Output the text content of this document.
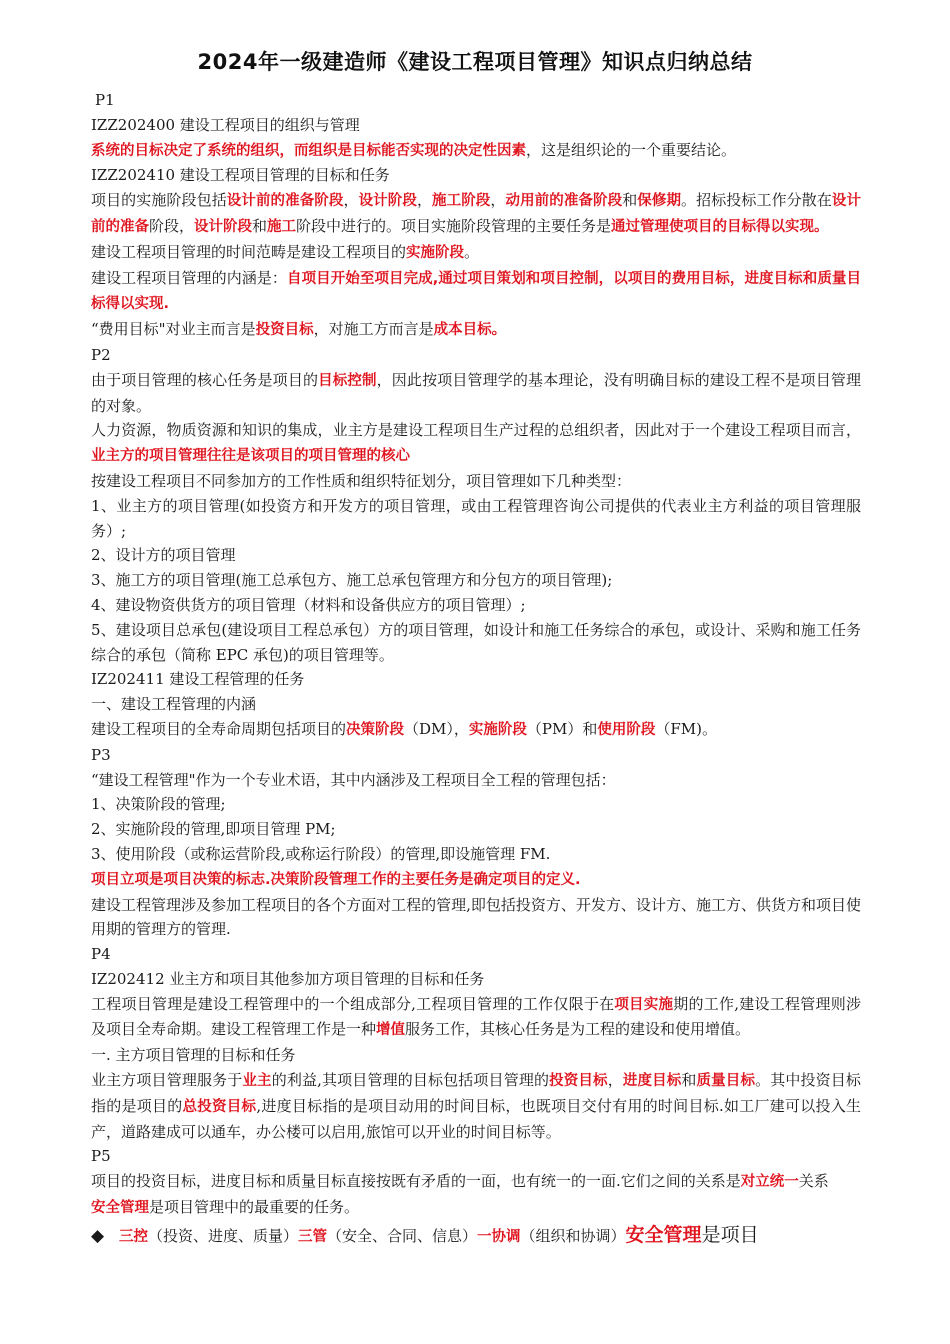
2024年一级建造师《建设工程项目管理》知识点归纳总结

P1

IZZ202400 建设工程项目的组织与管理

系统的目标决定了系统的组织，而组织是目标能否实现的决定性因素，这是组织论的一个重要结论。

IZZ202410 建设工程项目管理的目标和任务

项目的实施阶段包括设计前的准备阶段，设计阶段，施工阶段，动用前的准备阶段和保修期。招标投标工作分散在设计前的准备阶段，设计阶段和施工阶段中进行的。项目实施阶段管理的主要任务是通过管理使项目的目标得以实现。

建设工程项目管理的时间范畴是建设工程项目的实施阶段。

建设工程项目管理的内涵是：自项目开始至项目完成,通过项目策划和项目控制，以项目的费用目标，进度目标和质量目标得以实现.

“费用目标"对业主而言是投资目标，对施工方而言是成本目标。

P2

由于项目管理的核心任务是项目的目标控制，因此按项目管理学的基本理论，没有明确目标的建设工程不是项目管理的对象。

人力资源，物质资源和知识的集成，业主方是建设工程项目生产过程的总组织者，因此对于一个建设工程项目而言，业主方的项目管理往往是该项目的项目管理的核心

按建设工程项目不同参加方的工作性质和组织特征划分，项目管理如下几种类型：

1、业主方的项目管理(如投资方和开发方的项目管理，或由工程管理咨询公司提供的代表业主方利益的项目管理服务）;

2、设计方的项目管理

3、施工方的项目管理(施工总承包方、施工总承包管理方和分包方的项目管理);

4、建设物资供货方的项目管理（材料和设备供应方的项目管理）;

5、建设项目总承包(建设项目工程总承包）方的项目管理，如设计和施工任务综合的承包，或设计、采购和施工任务综合的承包（简称 EPC 承包)的项目管理等。

IZ202411 建设工程管理的任务

一、建设工程管理的内涵

建设工程项目的全寿命周期包括项目的决策阶段（DM），实施阶段（PM）和使用阶段（FM)。

P3

“建设工程管理"作为一个专业术语，其中内涵涉及工程项目全工程的管理包括：

1、决策阶段的管理;

2、实施阶段的管理,即项目管理 PM;

3、使用阶段（或称运营阶段,或称运行阶段）的管理,即设施管理 FM.

项目立项是项目决策的标志.决策阶段管理工作的主要任务是确定项目的定义.

建设工程管理涉及参加工程项目的各个方面对工程的管理,即包括投资方、开发方、设计方、施工方、供货方和项目使用期的管理方的管理.

P4

IZ202412 业主方和项目其他参加方项目管理的目标和任务

工程项目管理是建设工程管理中的一个组成部分,工程项目管理的工作仅限于在项目实施期的工作,建设工程管理则涉及项目全寿命期。建设工程管理工作是一种增值服务工作，其核心任务是为工程的建设和使用增值。

一. 主方项目管理的目标和任务

业主方项目管理服务于业主的利益,其项目管理的目标包括项目管理的投资目标，进度目标和质量目标。其中投资目标指的是项目的总投资目标,进度目标指的是项目动用的时间目标，也既项目交付有用的时间目标.如工厂建可以投入生产，道路建成可以通车，办公楼可以启用,旅馆可以开业的时间目标等。

P5

项目的投资目标，进度目标和质量目标直接按既有矛盾的一面，也有统一的一面.它们之间的关系是对立统一关系

安全管理是项目管理中的最重要的任务。

◆ 三控（投资、进度、质量）三管（安全、合同、信息）一协调（组织和协调）安全管理是项目
